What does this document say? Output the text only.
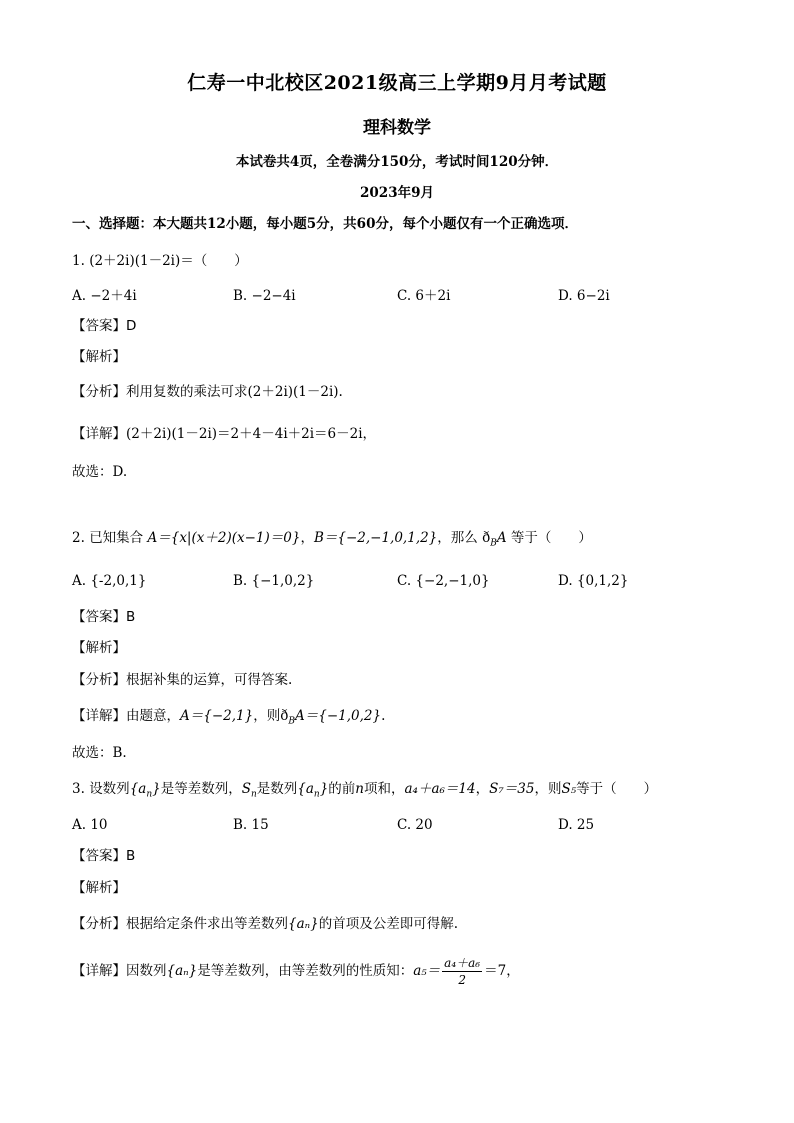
仁寿一中北校区2021级高三上学期9月月考试题
理科数学
本试卷共4页，全卷满分150分，考试时间120分钟．
2023年9月
一、选择题：本大题共12小题，每小题5分，共60分，每个小题仅有一个正确选项．
1. (2＋2i)(1－2i)＝（　　）
A. −2＋4i	B. −2−4i	C. 6＋2i	D. 6−2i
【答案】D
【解析】
【分析】利用复数的乘法可求(2＋2i)(1－2i).
【详解】(2＋2i)(1－2i)＝2＋4－4i＋2i＝6－2i，
故选：D.
2. 已知集合 A＝{x|(x＋2)(x−1)＝0}，B＝{−2,−1,0,1,2}，那么 $ð_BA$ 等于（　　）
A. {-2,0,1}	B. {−1,0,2}	C. {−2,−1,0}	D. {0,1,2}
【答案】B
【解析】
【分析】根据补集的运算，可得答案.
【详解】由题意，A＝{−2,1}，则$ð_BA=\{-1,0,2\}$.
故选：B.
3. 设数列$\{a_n\}$是等差数列，$S_n$是数列$\{a_n\}$的前n项和，a₄＋a₆＝14，S₇＝35，则S₅等于（　　）
A. 10	B. 15	C. 20	D. 25
【答案】B
【解析】
【分析】根据给定条件求出等差数列{aₙ}的首项及公差即可得解.
【详解】因数列{aₙ}是等差数列，由等差数列的性质知：$a_5= \frac{\text{a₄＋a₆}}{2} =7$，
